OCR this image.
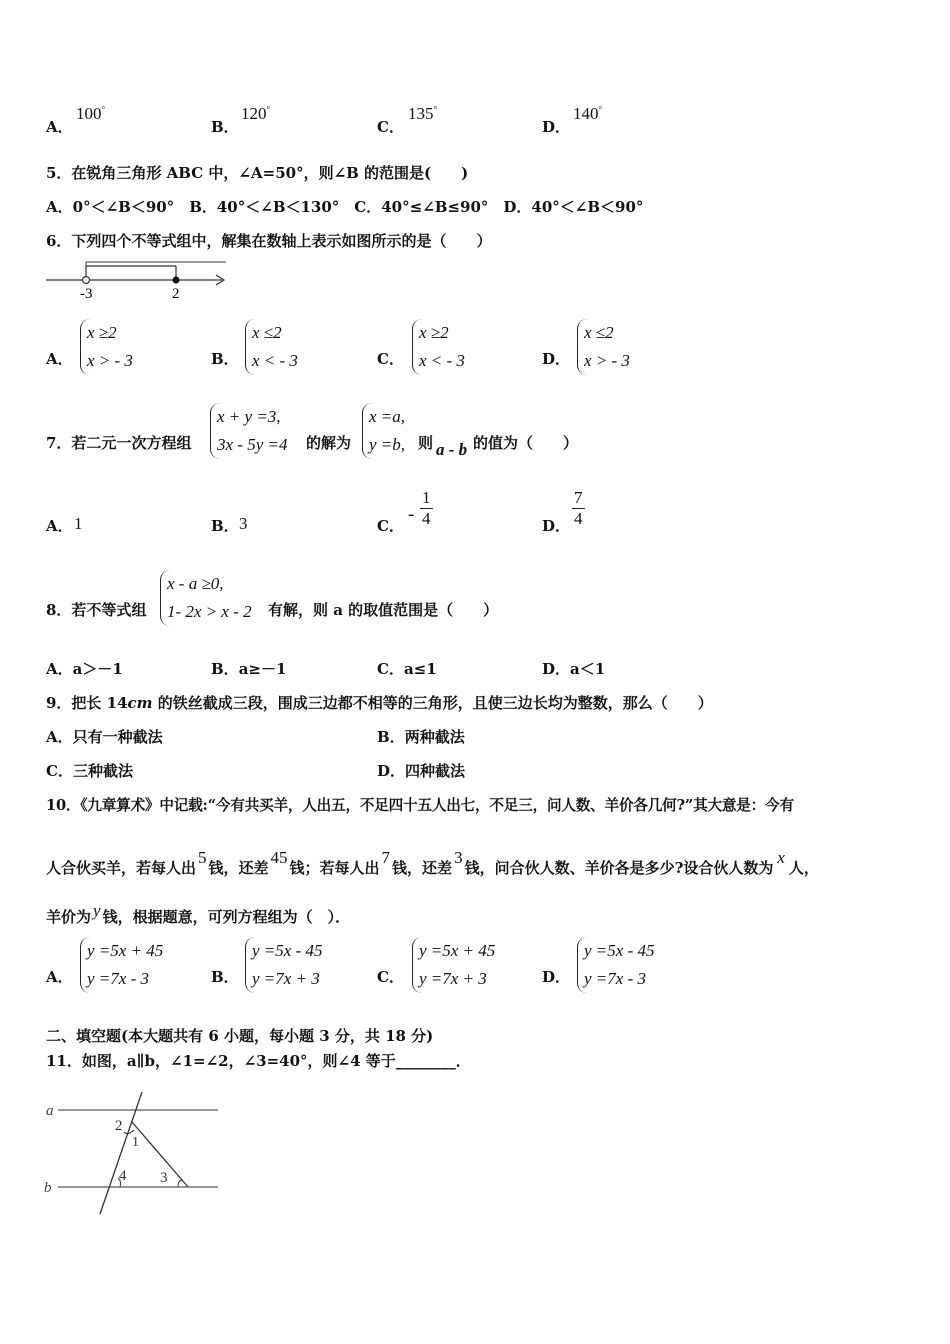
A．
100°
B．
120°
C．
135°
D．
140°
5．在锐角三角形 ABC 中，∠A=50°，则∠B 的范围是(　　)
A．0°＜∠B＜90°　B．40°＜∠B＜130°　C．40°≤∠B≤90°　D．40°＜∠B＜90°
6．下列四个不等式组中，解集在数轴上表示如图所示的是（　　）
-3	2
A．
x ≥2
x > - 3	B．
x ≤2
x < - 3	C．
x ≥2
x < - 3	D．
x ≤2
x > - 3
7．若二元一次方程组
x + y =3,
3x - 5y =4 的解为
x =a,
y =b, 则 a - b 的值为（　　）
A． 1	B． 3	C．
- $\frac{1}{4}$	D． $\frac{7}{4}$
8．若不等式组
x - a ≥0,
1- 2x > x - 2 有解，则 a 的取值范围是（　　）
A．a＞－1	B．a≥－1	C．a≤1	D．a＜1
9．把长 14cm 的铁丝截成三段，围成三边都不相等的三角形，且使三边长均为整数，那么（　　）
A．只有一种截法	B．两种截法
C．三种截法	D．四种截法
10．《九章算术》中记载:“今有共买羊，人出五，不足四十五人出七，不足三，问人数、羊价各几何?”其大意是：今有
人合伙买羊，若每人出5钱，还差45钱；若每人出7钱，还差3钱，问合伙人数、羊价各是多少?设合伙人数为x人，
羊价为 y 钱，根据题意，可列方程组为（　）．
A．
y =5x + 45
y =7x - 3	B．
y =5x - 45
y =7x + 3	C．
y =5x + 45
y =7x + 3	D．
y =5x - 45
y =7x - 3
二、填空题(本大题共有 6 小题，每小题 3 分，共 18 分)
11．如图，a∥b，∠1=∠2，∠3=40°，则∠4 等于________．
a
b
2
1
4 3
